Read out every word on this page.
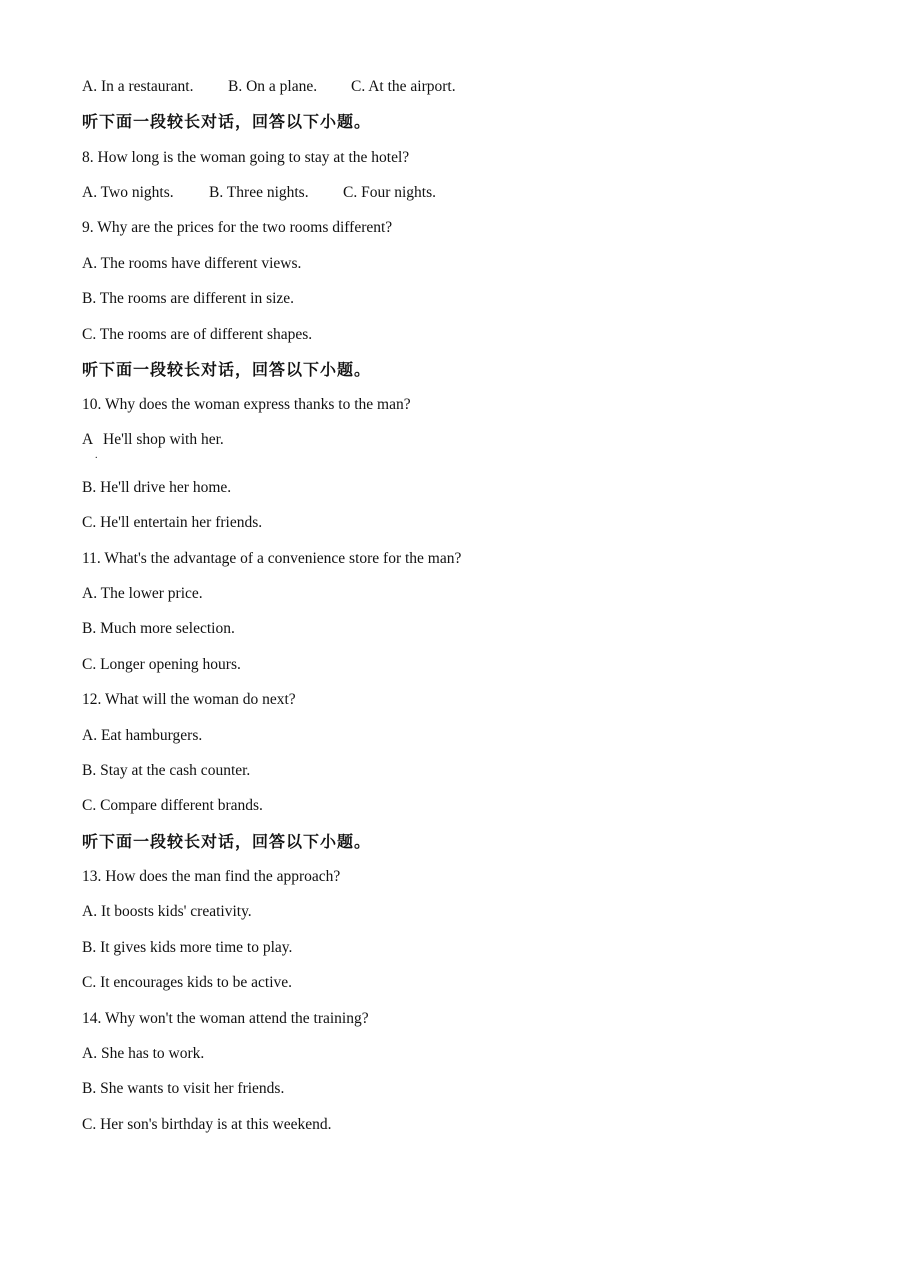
A. In a restaurant. B. On a plane. C. At the airport.
听下面一段较长对话，回答以下小题。
8. How long is the woman going to stay at the hotel?
A. Two nights. B. Three nights. C. Four nights.
9. Why are the prices for the two rooms different?
A. The rooms have different views.
B. The rooms are different in size.
C. The rooms are of different shapes.
听下面一段较长对话，回答以下小题。
10. Why does the woman express thanks to the man?
A He'll shop with her.
.
B. He'll drive her home.
C. He'll entertain her friends.
11. What's the advantage of a convenience store for the man?
A. The lower price.
B. Much more selection.
C. Longer opening hours.
12. What will the woman do next?
A. Eat hamburgers.
B. Stay at the cash counter.
C. Compare different brands.
听下面一段较长对话，回答以下小题。
13. How does the man find the approach?
A. It boosts kids' creativity.
B. It gives kids more time to play.
C. It encourages kids to be active.
14. Why won't the woman attend the training?
A. She has to work.
B. She wants to visit her friends.
C. Her son's birthday is at this weekend.
